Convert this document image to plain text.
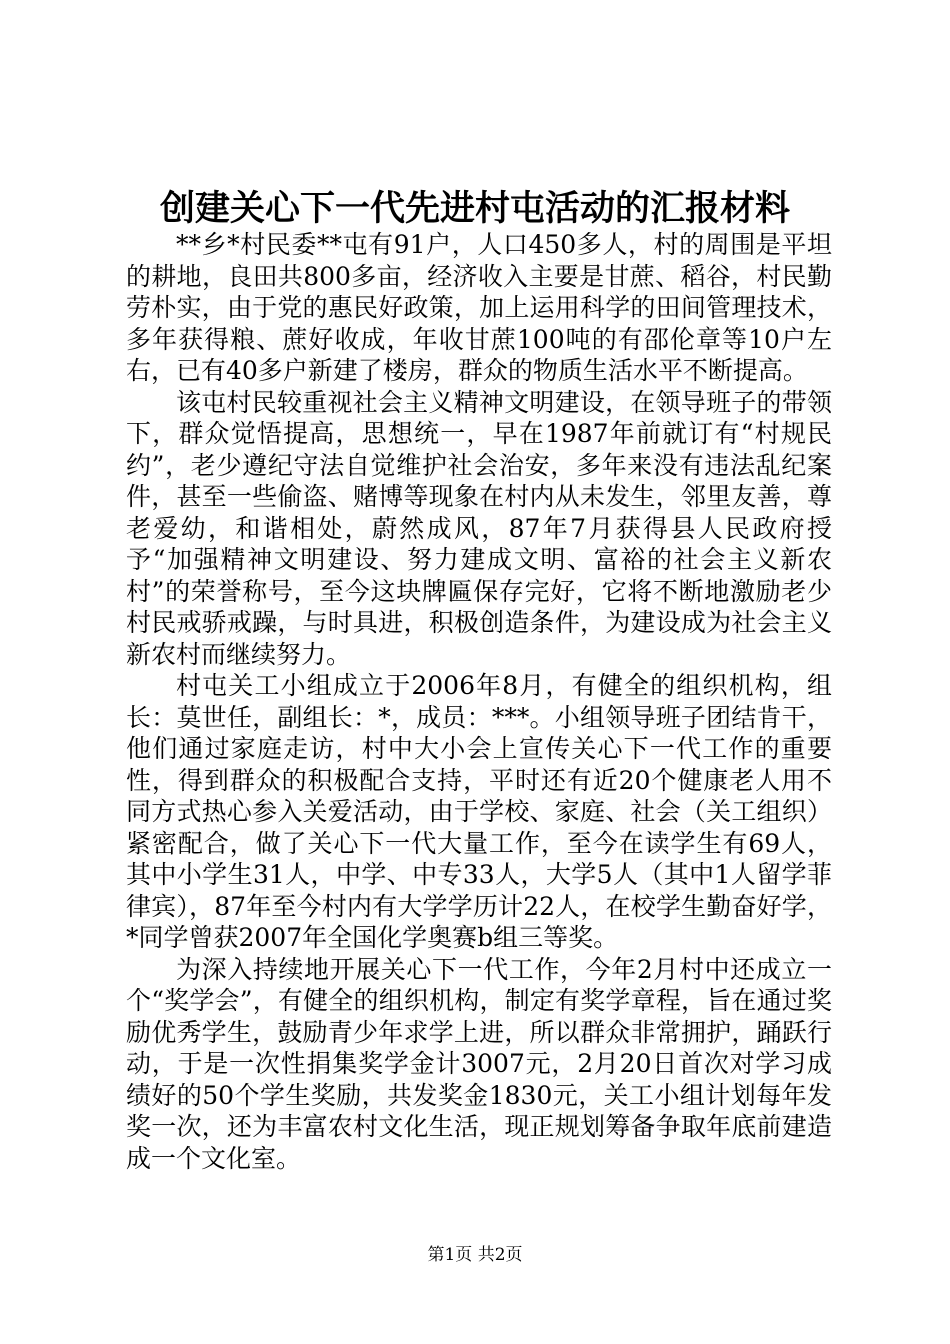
创建关心下一代先进村屯活动的汇报材料

**乡*村民委**屯有91户，人口450多人，村的周围是平坦的耕地，良田共800多亩，经济收入主要是甘蔗、稻谷，村民勤劳朴实，由于党的惠民好政策，加上运用科学的田间管理技术，多年获得粮、蔗好收成，年收甘蔗100吨的有邵伦章等10户左右，已有40多户新建了楼房，群众的物质生活水平不断提高。

该屯村民较重视社会主义精神文明建设，在领导班子的带领下，群众觉悟提高，思想统一，早在1987年前就订有“村规民约”，老少遵纪守法自觉维护社会治安，多年来没有违法乱纪案件，甚至一些偷盗、赌博等现象在村内从未发生，邻里友善，尊老爱幼，和谐相处，蔚然成风，87年7月获得县人民政府授予“加强精神文明建设、努力建成文明、富裕的社会主义新农村”的荣誉称号，至今这块牌匾保存完好，它将不断地激励老少村民戒骄戒躁，与时具进，积极创造条件，为建设成为社会主义新农村而继续努力。

村屯关工小组成立于2006年8月，有健全的组织机构，组长：莫世任，副组长：*，成员：***。小组领导班子团结肯干，他们通过家庭走访，村中大小会上宣传关心下一代工作的重要性，得到群众的积极配合支持，平时还有近20个健康老人用不同方式热心参入关爱活动，由于学校、家庭、社会（关工组织）紧密配合，做了关心下一代大量工作，至今在读学生有69人，其中小学生31人，中学、中专33人，大学5人（其中1人留学菲律宾），87年至今村内有大学学历计22人，在校学生勤奋好学，*同学曾获2007年全国化学奥赛b组三等奖。

为深入持续地开展关心下一代工作，今年2月村中还成立一个“奖学会”，有健全的组织机构，制定有奖学章程，旨在通过奖励优秀学生，鼓励青少年求学上进，所以群众非常拥护，踊跃行动，于是一次性捐集奖学金计3007元，2月20日首次对学习成绩好的50个学生奖励，共发奖金1830元，关工小组计划每年发奖一次，还为丰富农村文化生活，现正规划筹备争取年底前建造成一个文化室。

第1页 共2页
